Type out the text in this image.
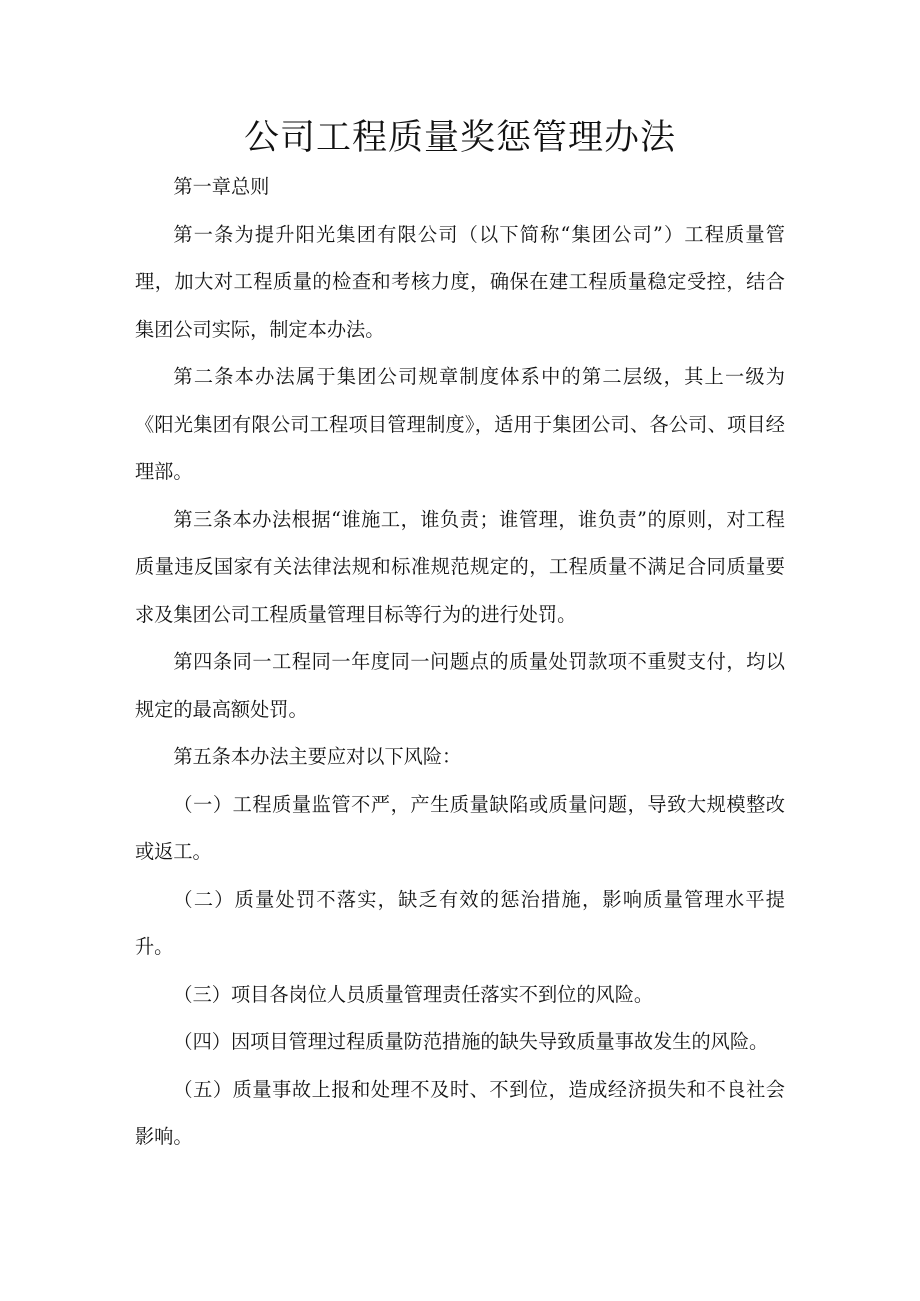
公司工程质量奖惩管理办法

第一章总则

第一条为提升阳光集团有限公司（以下简称“集团公司”）工程质量管理，加大对工程质量的检查和考核力度，确保在建工程质量稳定受控，结合集团公司实际，制定本办法。

第二条本办法属于集团公司规章制度体系中的第二层级，其上一级为《阳光集团有限公司工程项目管理制度》，适用于集团公司、各公司、项目经理部。

第三条本办法根据“谁施工，谁负责；谁管理，谁负责”的原则，对工程质量违反国家有关法律法规和标准规范规定的，工程质量不满足合同质量要求及集团公司工程质量管理目标等行为的进行处罚。

第四条同一工程同一年度同一问题点的质量处罚款项不重熨支付，均以规定的最高额处罚。

第五条本办法主要应对以下风险：

（一）工程质量监管不严，产生质量缺陷或质量问题，导致大规模整改或返工。

（二）质量处罚不落实，缺乏有效的惩治措施，影响质量管理水平提升。

（三）项目各岗位人员质量管理责任落实不到位的风险。

（四）因项目管理过程质量防范措施的缺失导致质量事故发生的风险。

（五）质量事故上报和处理不及时、不到位，造成经济损失和不良社会影响。
